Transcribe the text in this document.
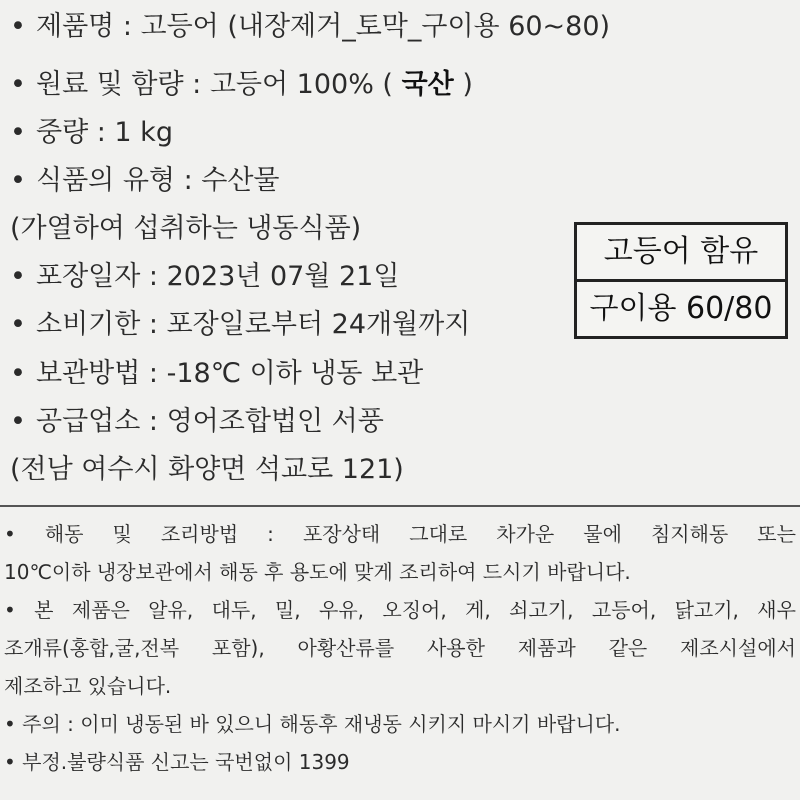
• 제품명 : 고등어 (내장제거_토막_구이용 60~80)
• 원료 및 함량 : 고등어 100% ( 국산 )
• 중량 : 1 kg
• 식품의 유형 : 수산물
(가열하여 섭취하는 냉동식품)
• 포장일자 : 2023년 07월 21일
• 소비기한 : 포장일로부터 24개월까지
• 보관방법 : -18℃ 이하 냉동 보관
• 공급업소 : 영어조합법인 서풍
(전남 여수시 화양면 석교로 121)
고등어 함유
구이용 60/80
• 해동 및 조리방법 : 포장상태 그대로 차가운 물에 침지해동 또는
10℃이하 냉장보관에서 해동 후 용도에 맞게 조리하여 드시기 바랍니다.
• 본 제품은 알유, 대두, 밀, 우유, 오징어, 게, 쇠고기, 고등어, 닭고기, 새우
조개류(홍합,굴,전복 포함), 아황산류를 사용한 제품과 같은 제조시설에서
제조하고 있습니다.
• 주의 : 이미 냉동된 바 있으니 해동후 재냉동 시키지 마시기 바랍니다.
• 부정.불량식품 신고는 국번없이 1399
